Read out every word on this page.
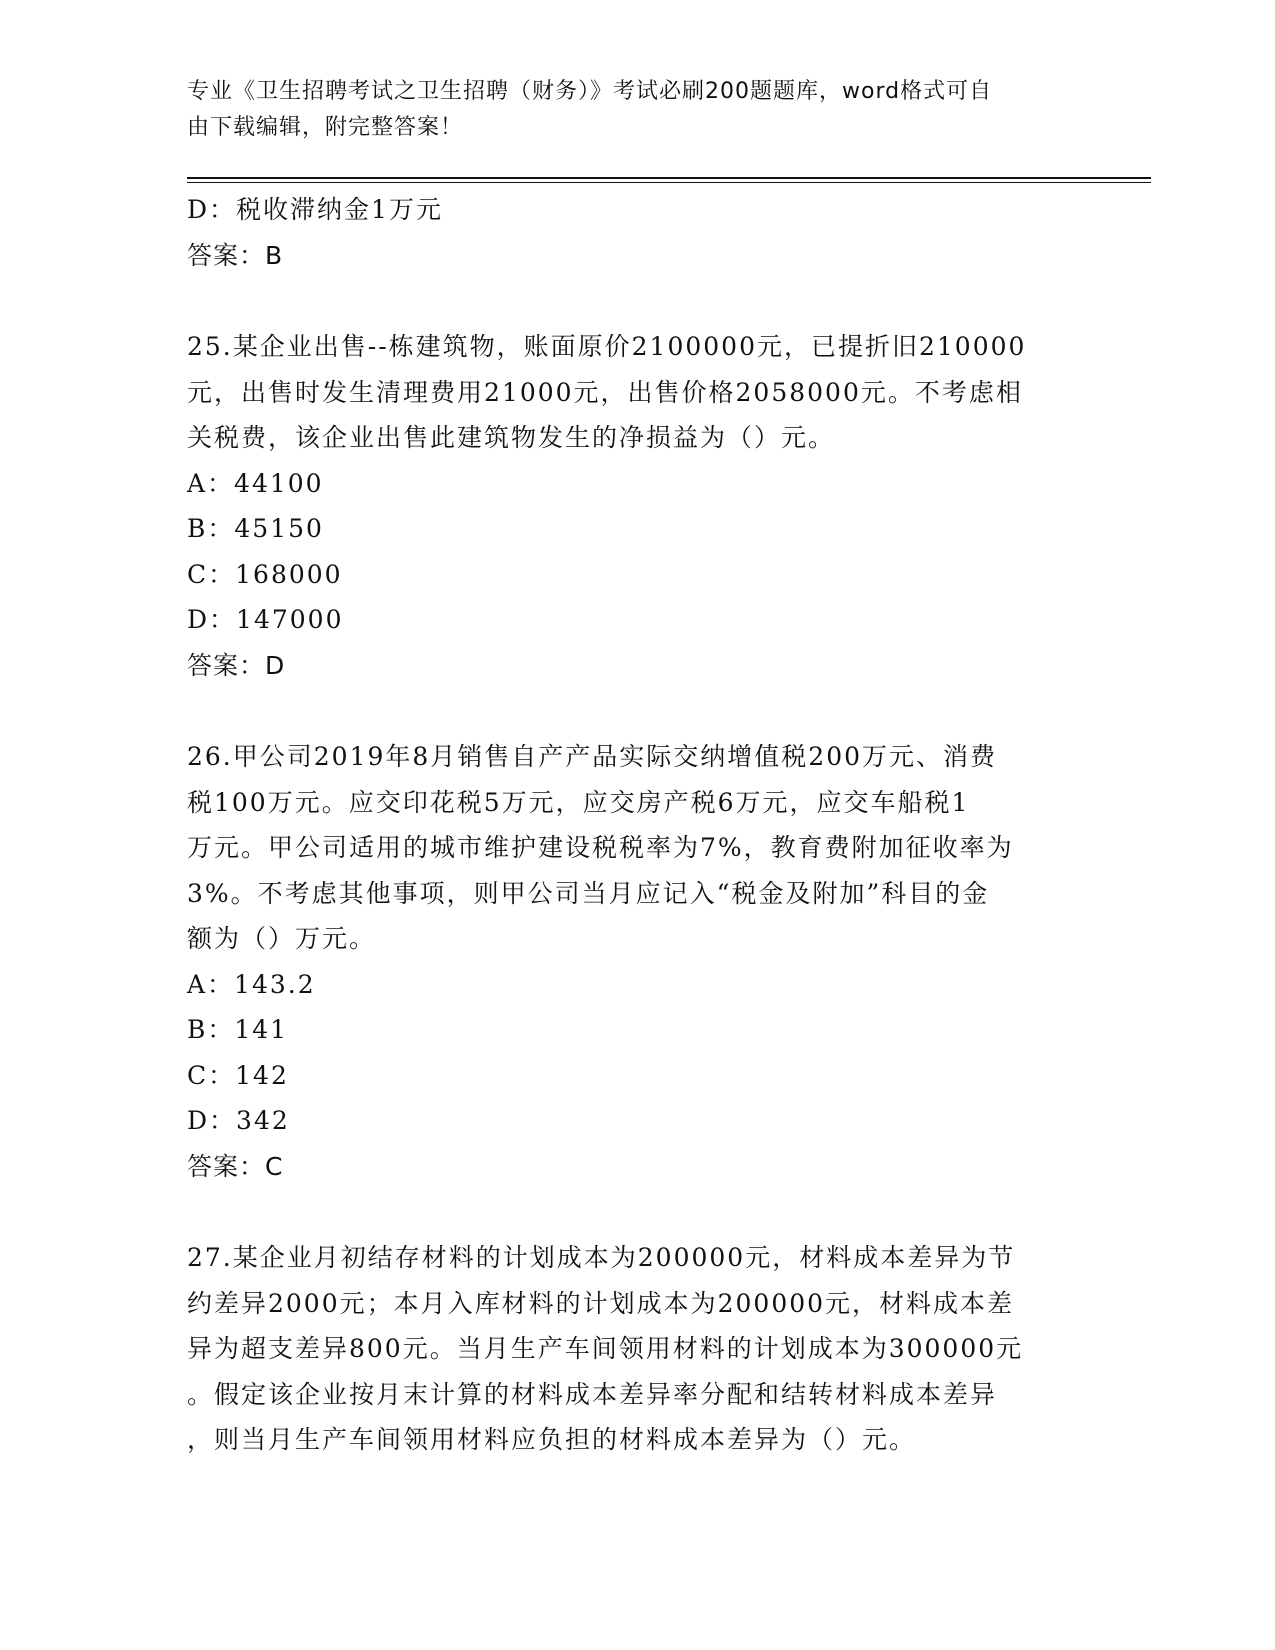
专业《卫生招聘考试之卫生招聘（财务）》考试必刷200题题库，word格式可自
由下载编辑，附完整答案！
D：税收滞纳金1万元
答案：B
25.某企业出售--栋建筑物，账面原价2100000元，已提折旧210000
元，出售时发生清理费用21000元，出售价格2058000元。不考虑相
关税费，该企业出售此建筑物发生的净损益为（）元。
A：44100
B：45150
C：168000
D：147000
答案：D
26.甲公司2019年8月销售自产产品实际交纳增值税200万元、消费
税100万元。应交印花税5万元，应交房产税6万元，应交车船税1
万元。甲公司适用的城市维护建设税税率为7%，教育费附加征收率为
3%。不考虑其他事项，则甲公司当月应记入“税金及附加”科目的金
额为（）万元。
A：143.2
B：141
C：142
D：342
答案：C
27.某企业月初结存材料的计划成本为200000元，材料成本差异为节
约差异2000元；本月入库材料的计划成本为200000元，材料成本差
异为超支差异800元。当月生产车间领用材料的计划成本为300000元
。假定该企业按月末计算的材料成本差异率分配和结转材料成本差异
，则当月生产车间领用材料应负担的材料成本差异为（）元。
